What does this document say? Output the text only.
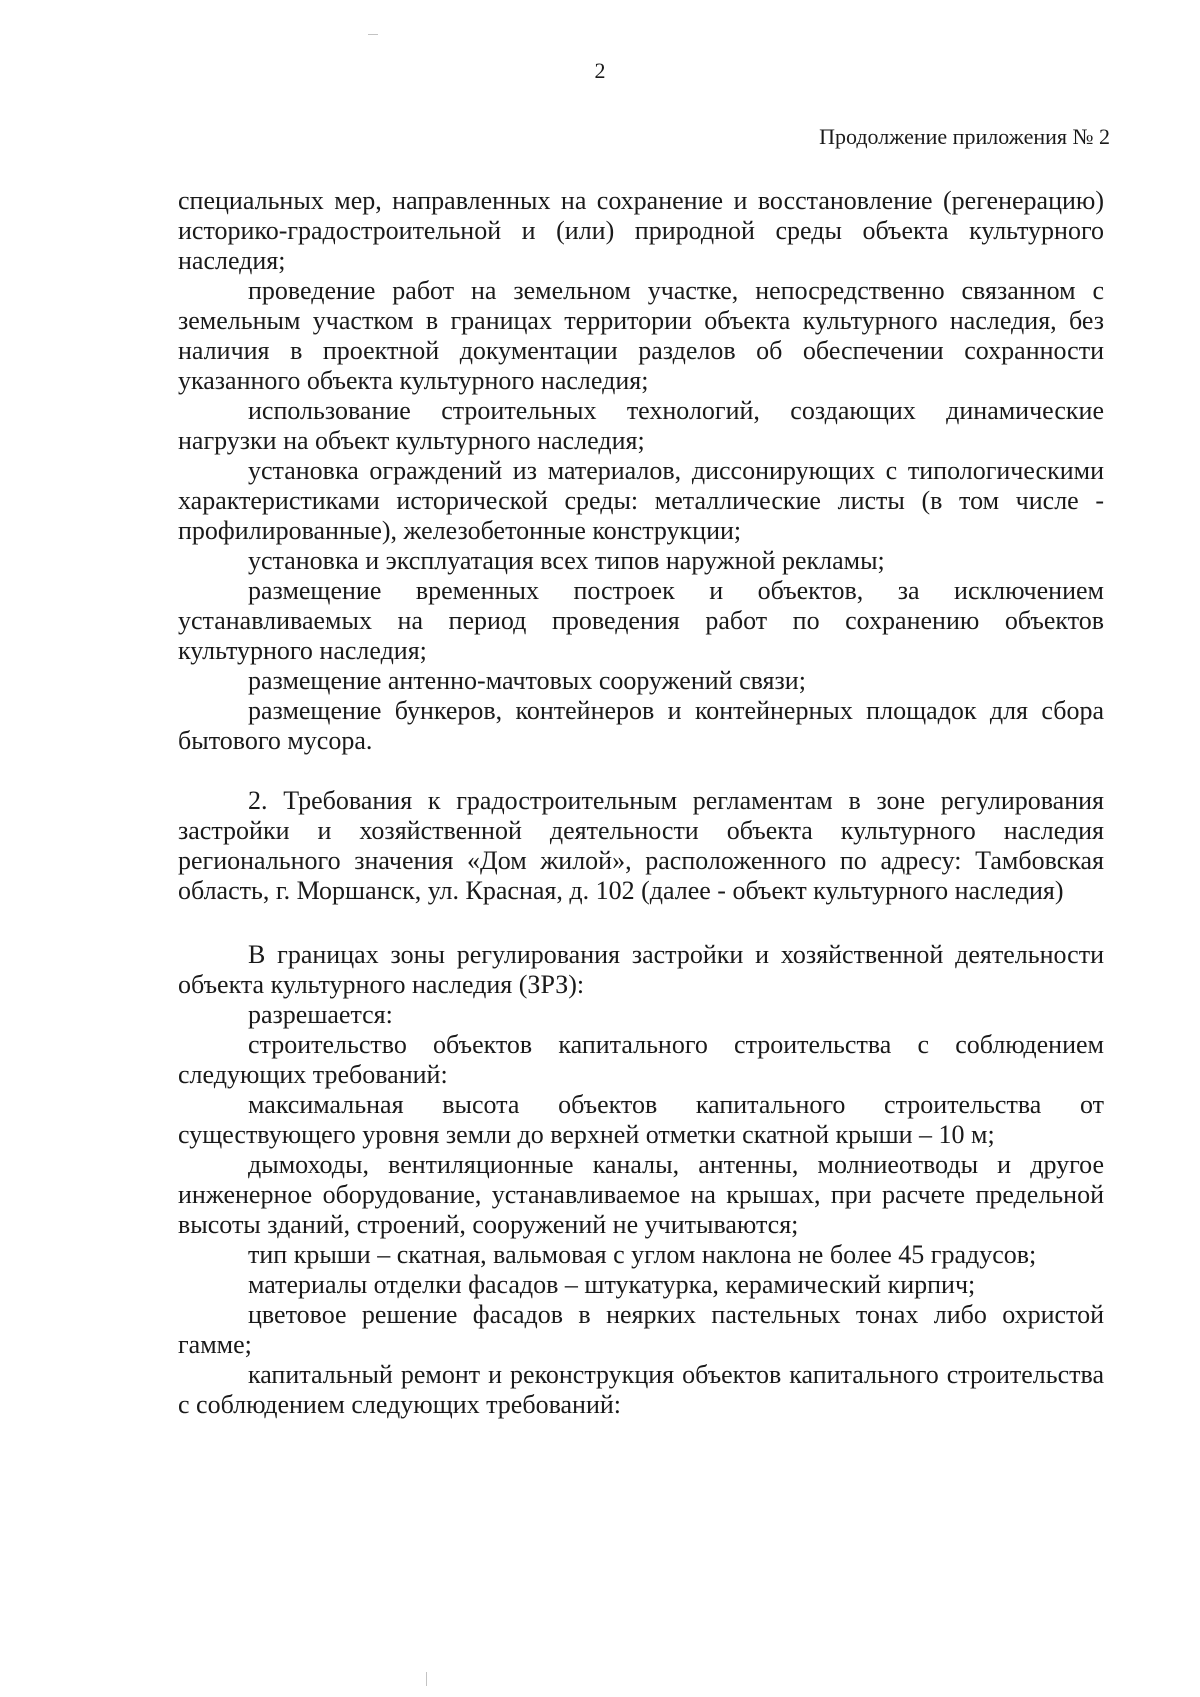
2
Продолжение приложения № 2

специальных мер, направленных на сохранение и восстановление (регенерацию) историко-градостроительной и (или) природной среды объекта культурного наследия;

проведение работ на земельном участке, непосредственно связанном с земельным участком в границах территории объекта культурного наследия, без наличия в проектной документации разделов об обеспечении сохранности указанного объекта культурного наследия;

использование строительных технологий, создающих динамические нагрузки на объект культурного наследия;

установка ограждений из материалов, диссонирующих с типологическими характеристиками исторической среды: металлические листы (в том числе - профилированные), железобетонные конструкции;

установка и эксплуатация всех типов наружной рекламы;

размещение временных построек и объектов, за исключением устанавливаемых на период проведения работ по сохранению объектов культурного наследия;

размещение антенно-мачтовых сооружений связи;

размещение бункеров, контейнеров и контейнерных площадок для сбора бытового мусора.

2. Требования к градостроительным регламентам в зоне регулирования застройки и хозяйственной деятельности объекта культурного наследия регионального значения «Дом жилой», расположенного по адресу: Тамбовская область, г. Моршанск, ул. Красная, д. 102 (далее - объект культурного наследия)

В границах зоны регулирования застройки и хозяйственной деятельности объекта культурного наследия (ЗРЗ):

разрешается:

строительство объектов капитального строительства с соблюдением следующих требований:

максимальная высота объектов капитального строительства от существующего уровня земли до верхней отметки скатной крыши – 10 м;

дымоходы, вентиляционные каналы, антенны, молниеотводы и другое инженерное оборудование, устанавливаемое на крышах, при расчете предельной высоты зданий, строений, сооружений не учитываются;

тип крыши – скатная, вальмовая с углом наклона не более 45 градусов;

материалы отделки фасадов – штукатурка, керамический кирпич;

цветовое решение фасадов в неярких пастельных тонах либо охристой гамме;

капитальный ремонт и реконструкция объектов капитального строительства с соблюдением следующих требований:
